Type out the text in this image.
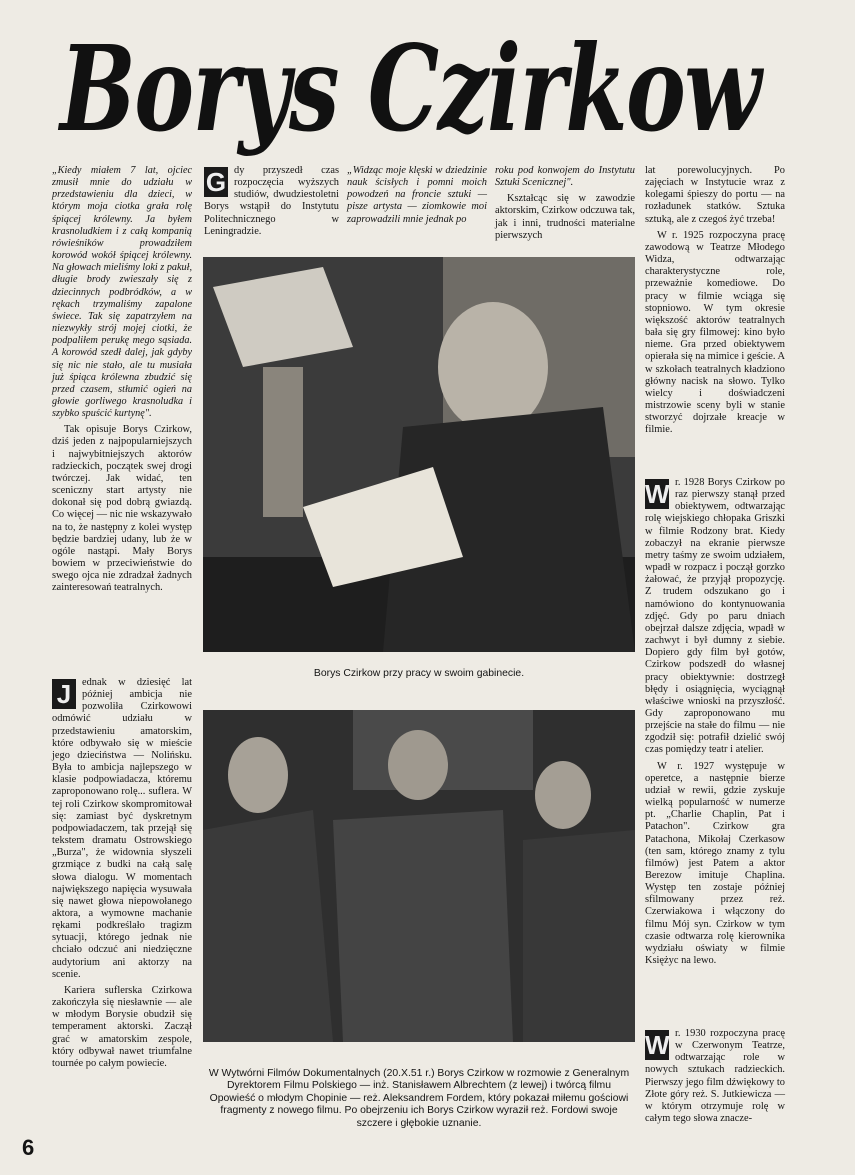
Borys Czirkow

„Kiedy miałem 7 lat, ojciec zmusił mnie do udziału w przedstawieniu dla dzieci, w którym moja ciotka grała rolę śpiącej królewny. Ja byłem krasnoludkiem i z całą kompanią rówieśników prowadziłem korowód wokół śpiącej królewny. Na głowach mieliśmy loki z pakuł, długie brody zwieszały się z dziecinnych podbródków, a w rękach trzymaliśmy zapalone świece. Tak się zapatrzyłem na niezwykły strój mojej ciotki, że podpaliłem perukę mego sąsiada. A korowód szedł dalej, jak gdyby się nic nie stało, ale tu musiała już śpiąca królewna zbudzić się przed czasem, stłumić ogień na głowie gorliwego krasnoludka i szybko spuścić kurtynę".

Tak opisuje Borys Czirkow, dziś jeden z najpopularniejszych i najwybitniejszych aktorów radzieckich, początek swej drogi twórczej. Jak widać, ten sceniczny start artysty nie dokonał się pod dobrą gwiazdą. Co więcej — nic nie wskazywało na to, że następny z kolei występ będzie bardziej udany, lub że w ogóle nastąpi. Mały Borys bowiem w przeciwieństwie do swego ojca nie zdradzał żadnych zainteresowań teatralnych.

J	ednak w dziesięć lat później ambicja nie pozwoliła Czirkowowi odmówić udziału w przedstawieniu amatorskim, które odbywało się w mieście jego dzieciństwa — Nolińsku. Była to ambicja najlepszego w klasie podpowiadacza, któremu zaproponowano rolę... suflera. W tej roli Czirkow skompromitował się: zamiast być dyskretnym podpowiadaczem, tak przejął się tekstem dramatu Ostrowskiego „Burza", że widownia słyszeli grzmiące z budki na całą salę słowa dialogu. W momentach największego napięcia wysuwała się nawet głowa niepowołanego aktora, a wymowne machanie rękami podkreślało tragizm sytuacji, którego jednak nie chciało odczuć ani niedzięczne audytorium ani aktorzy na scenie.

Kariera suflerska Czirkowa zakończyła się niesławnie — ale w młodym Borysie obudził się temperament aktorski. Zaczął grać w amatorskim zespole, który odbywał nawet triumfalne tournée po całym powiecie.

G dy przyszedł czas rozpoczęcia wyższych studiów, dwudziestoletni Borys wstąpił do Instytutu Politechnicznego w Leningradzie.

„Widząc moje klęski w dziedzinie nauk ścisłych i pomni moich powodzeń na froncie sztuki — pisze artysta — ziomkowie moi zaprowadzili mnie jednak po

roku pod konwojem do Instytutu Sztuki Scenicznej".

Kształcąc się w zawodzie aktorskim, Czirkow odczuwa tak, jak i inni, trudności materialne pierwszych

lat porewolucyjnych. Po zajęciach w Instytucie wraz z kolegami śpieszy do portu — na rozładunek statków. Sztuka sztuką, ale z czegoś żyć trzeba!

W r. 1925 rozpoczyna pracę zawodową w Teatrze Młodego Widza, odtwarzając charakterystyczne role, przeważnie komediowe. Do pracy w filmie wciąga się stopniowo. W tym okresie większość aktorów teatralnych bała się gry filmowej: kino było nieme. Gra przed obiektywem opierała się na mimice i geście. A w szkołach teatralnych kładziono główny nacisk na słowo. Tylko wielcy i doświadczeni mistrzowie sceny byli w stanie stworzyć dojrzałe kreacje w filmie.

W r. 1928 Borys Czirkow po raz pierwszy stanął przed obiektywem, odtwarzając rolę wiejskiego chłopaka Griszki w filmie Rodzony brat. Kiedy zobaczył na ekranie pierwsze metry taśmy ze swoim udziałem, wpadł w rozpacz i począł gorzko żałować, że przyjął propozycję. Z trudem odszukano go i namówiono do kontynuowania zdjęć. Gdy po paru dniach obejrzał dalsze zdjęcia, wpadł w zachwyt i był dumny z siebie. Dopiero gdy film był gotów, Czirkow podszedł do własnej pracy obiektywnie: dostrzegł błędy i osiągnięcia, wyciągnął właściwe wnioski na przyszłość. Gdy zaproponowano mu przejście na stałe do filmu — nie zgodził się: potrafił dzielić swój czas pomiędzy teatr i atelier.

W r. 1927 występuje w operetce, a następnie bierze udział w rewii, gdzie zyskuje wielką popularność w numerze pt. „Charlie Chaplin, Pat i Patachon". Czirkow gra Patachona, Mikołaj Czerkasow (ten sam, którego znamy z tylu filmów) jest Patem a aktor Berezow imituje Chaplina. Występ ten zostaje później sfilmowany przez reż. Czerwiakowa i włączony do filmu Mój syn. Czirkow w tym czasie odtwarza rolę kierownika wydziału oświaty w filmie Księżyc na lewo.

W r. 1930 rozpoczyna pracę w Czerwonym Teatrze, odtwarzając role w nowych sztukach radzieckich. Pierwszy jego film dźwiękowy to Złote góry reż. S. Jutkiewicza — w którym otrzymuje rolę w całym tego słowa znacze-

Borys Czirkow przy pracy w swoim gabinecie.
W Wytwórni Filmów Dokumentalnych (20.X.51 r.) Borys Czirkow w rozmowie z Generalnym Dyrektorem Filmu Polskiego — inż. Stanisławem Albrechtem (z lewej) i twórcą filmu Opowieść o młodym Chopinie — reż. Aleksandrem Fordem, który pokazał miłemu gościowi fragmenty z nowego filmu. Po obejrzeniu ich Borys Czirkow wyraził reż. Fordowi swoje szczere i głębokie uznanie.
6
